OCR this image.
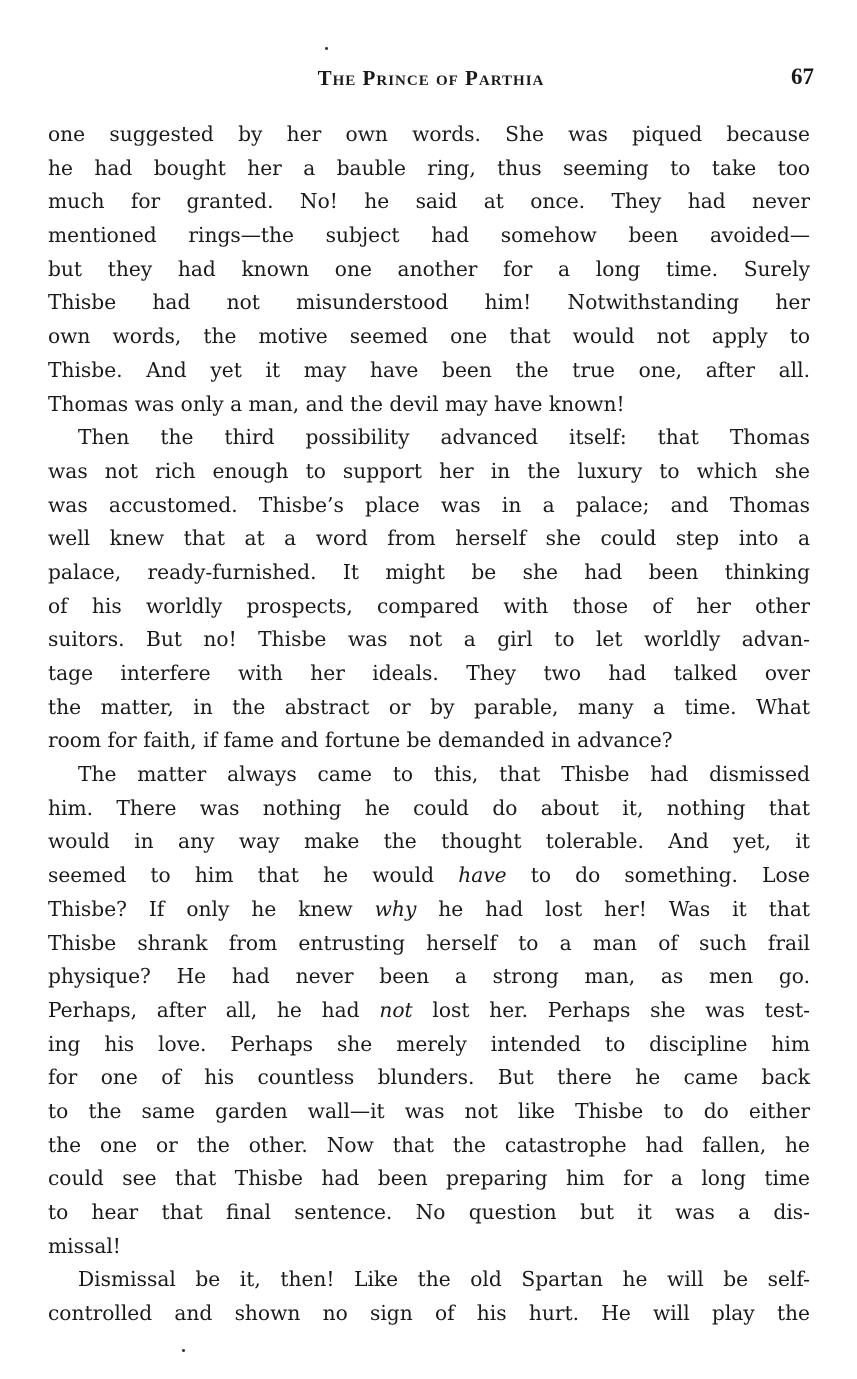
The Prince of Parthia	67
one suggested by her own words. She was piqued because
he had bought her a bauble ring, thus seeming to take too
much for granted. No! he said at once. They had never
mentioned rings—the subject had somehow been avoided—
but they had known one another for a long time. Surely
Thisbe had not misunderstood him! Notwithstanding her
own words, the motive seemed one that would not apply to
Thisbe. And yet it may have been the true one, after all.
Thomas was only a man, and the devil may have known!
Then the third possibility advanced itself: that Thomas
was not rich enough to support her in the luxury to which she
was accustomed. Thisbe’s place was in a palace; and Thomas
well knew that at a word from herself she could step into a
palace, ready-furnished. It might be she had been thinking
of his worldly prospects, compared with those of her other
suitors. But no! Thisbe was not a girl to let worldly advan-
tage interfere with her ideals. They two had talked over
the matter, in the abstract or by parable, many a time. What
room for faith, if fame and fortune be demanded in advance?
The matter always came to this, that Thisbe had dismissed
him. There was nothing he could do about it, nothing that
would in any way make the thought tolerable. And yet, it
seemed to him that he would have to do something. Lose
Thisbe? If only he knew why he had lost her! Was it that
Thisbe shrank from entrusting herself to a man of such frail
physique? He had never been a strong man, as men go.
Perhaps, after all, he had not lost her. Perhaps she was test-
ing his love. Perhaps she merely intended to discipline him
for one of his countless blunders. But there he came back
to the same garden wall—it was not like Thisbe to do either
the one or the other. Now that the catastrophe had fallen, he
could see that Thisbe had been preparing him for a long time
to hear that final sentence. No question but it was a dis-
missal!
Dismissal be it, then! Like the old Spartan he will be self-
controlled and shown no sign of his hurt. He will play the
